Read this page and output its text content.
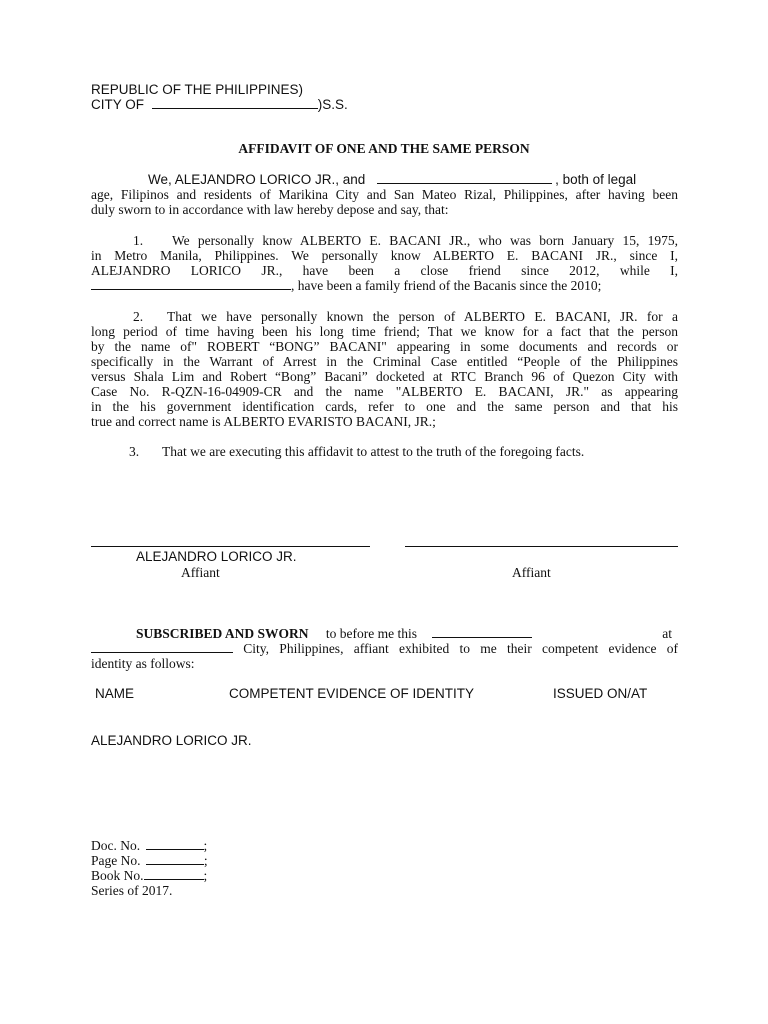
REPUBLIC OF THE PHILIPPINES)
CITY OF	)S.S.
AFFIDAVIT OF ONE AND THE SAME PERSON
We, ALEJANDRO LORICO JR., and	, both of legal
age, Filipinos and residents of Marikina City and San Mateo Rizal, Philippines, after having been
duly sworn to in accordance with law hereby depose and say, that:
1. We personally know ALBERTO E. BACANI JR., who was born January 15, 1975,
in Metro Manila, Philippines. We personally know ALBERTO E. BACANI JR., since I,
ALEJANDRO LORICO JR., have been a close friend since 2012, while I,
, have been a family friend of the Bacanis since the 2010;
2. That we have personally known the person of ALBERTO E. BACANI, JR. for a
long period of time having been his long time friend; That we know for a fact that the person
by the name of" ROBERT “BONG” BACANI" appearing in some documents and records or
specifically in the Warrant of Arrest in the Criminal Case entitled “People of the Philippines
versus Shala Lim and Robert “Bong” Bacani” docketed at RTC Branch 96 of Quezon City with
Case No. R-QZN-16-04909-CR and the name "ALBERTO E. BACANI, JR." as appearing
in the his government identification cards, refer to one and the same person and that his
true and correct name is ALBERTO EVARISTO BACANI, JR.;
3. That we are executing this affidavit to attest to the truth of the foregoing facts.
ALEJANDRO LORICO JR.
Affiant	Affiant
SUBSCRIBED AND SWORN to before me this	at
City, Philippines, affiant exhibited to me their competent evidence of
identity as follows:
NAME	COMPETENT EVIDENCE OF IDENTITY	ISSUED ON/AT
ALEJANDRO LORICO JR.
Doc. No.	;
Page No.	;
Book No.	;
Series of 2017.
